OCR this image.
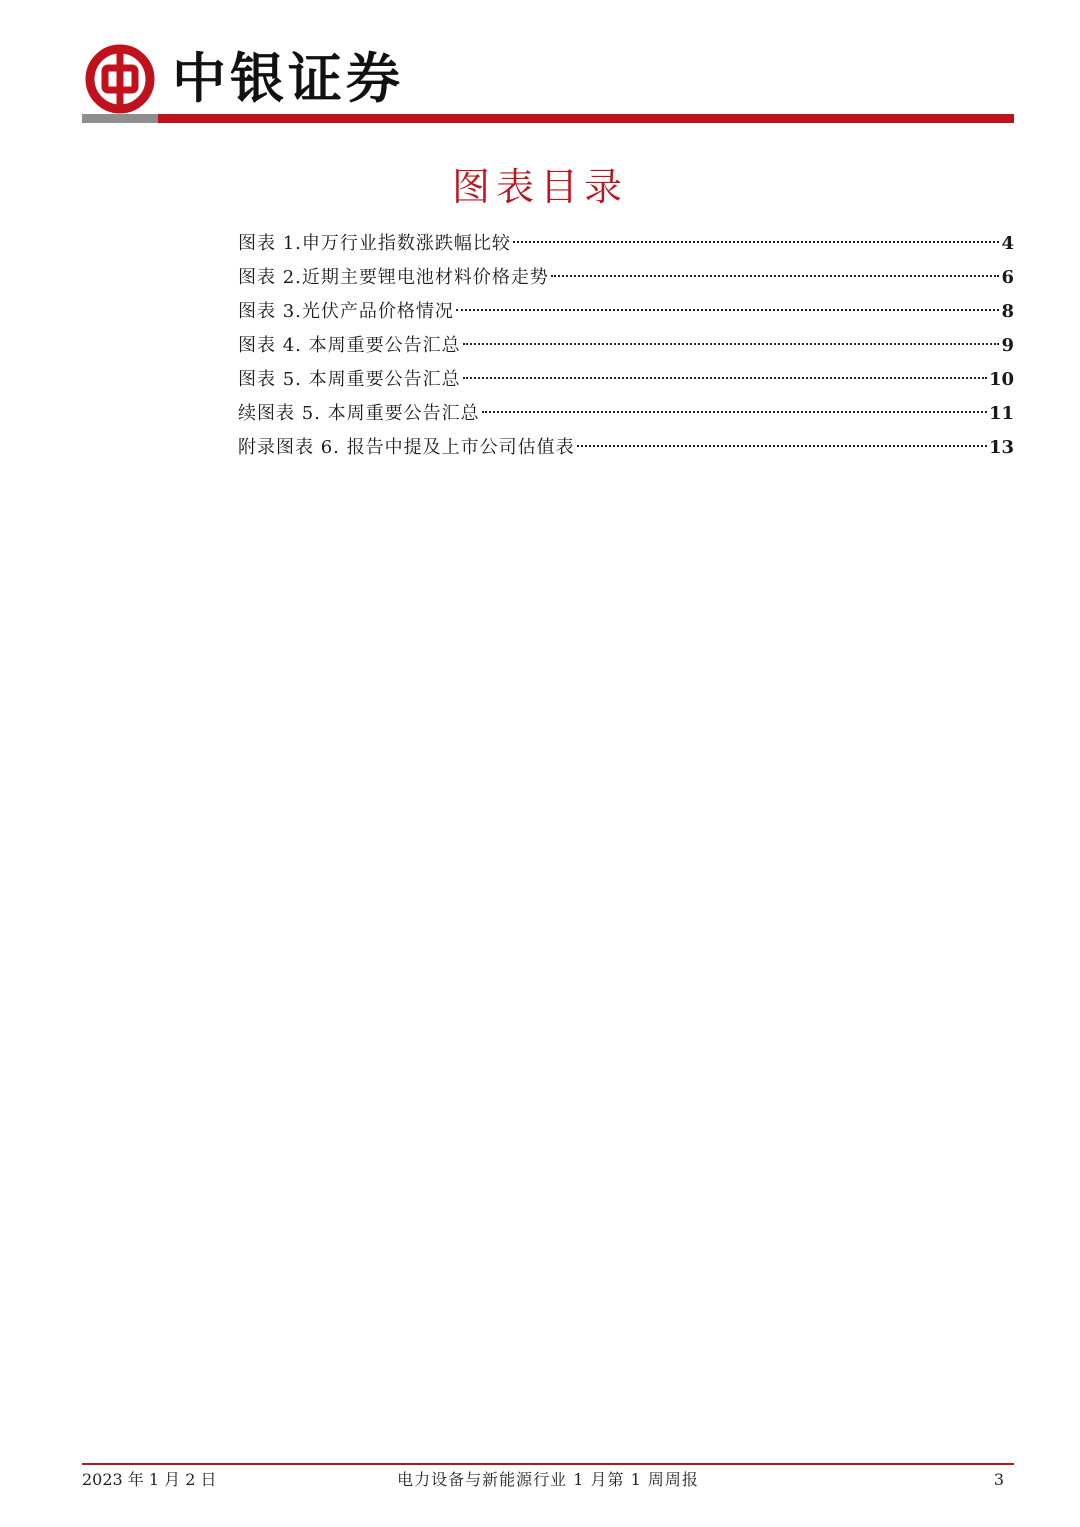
中银证券
图表目录
图表 1.申万行业指数涨跌幅比较	4
图表 2.近期主要锂电池材料价格走势	6
图表 3.光伏产品价格情况	8
图表 4. 本周重要公告汇总	9
图表 5. 本周重要公告汇总	10
续图表 5. 本周重要公告汇总	11
附录图表 6. 报告中提及上市公司估值表	13
2023 年 1 月 2 日	电力设备与新能源行业 1 月第 1 周周报	3
